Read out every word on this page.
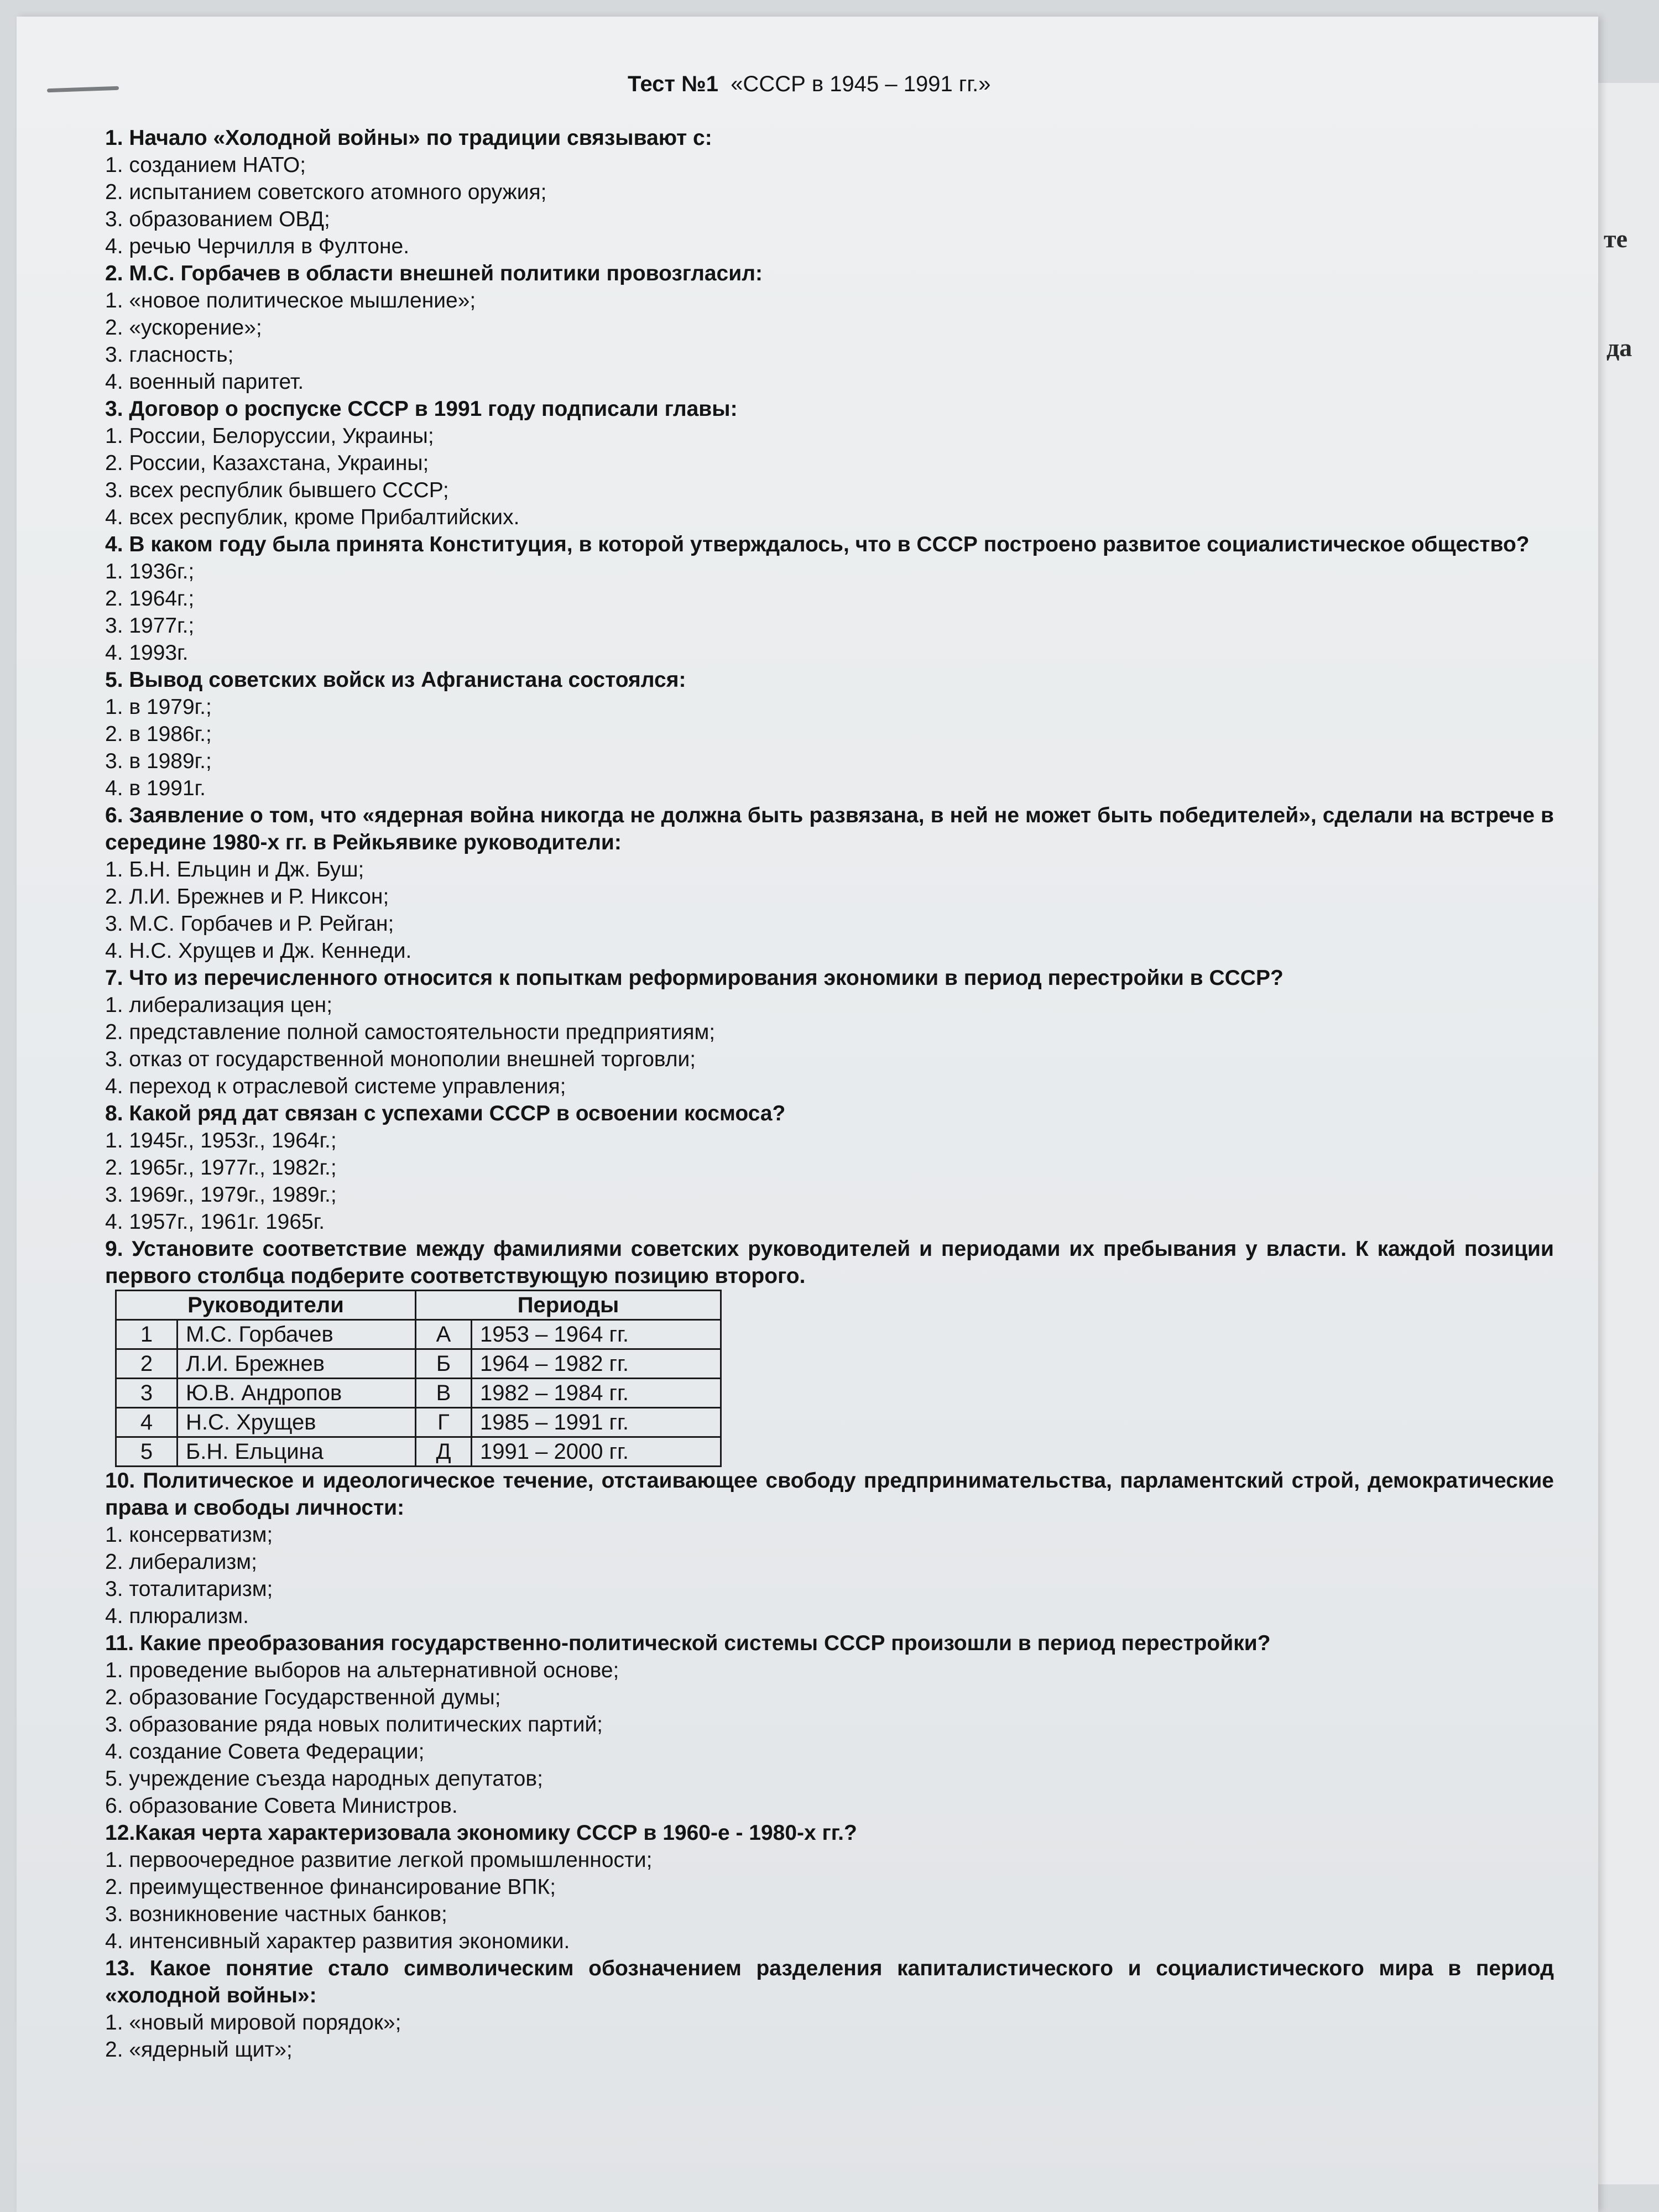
те
да
Тест №1 «СССР в 1945 – 1991 гг.»
1. Начало «Холодной войны» по традиции связывают с:
1. созданием НАТО;
2. испытанием советского атомного оружия;
3. образованием ОВД;
4. речью Черчилля в Фултоне.
2. М.С. Горбачев в области внешней политики провозгласил:
1. «новое политическое мышление»;
2. «ускорение»;
3. гласность;
4. военный паритет.
3. Договор о роспуске СССР в 1991 году подписали главы:
1. России, Белоруссии, Украины;
2. России, Казахстана, Украины;
3. всех республик бывшего СССР;
4. всех республик, кроме Прибалтийских.
4. В каком году была принята Конституция, в которой утверждалось, что в СССР построено развитое социалистическое общество?
1. 1936г.;
2. 1964г.;
3. 1977г.;
4. 1993г.
5. Вывод советских войск из Афганистана состоялся:
1. в 1979г.;
2. в 1986г.;
3. в 1989г.;
4. в 1991г.
6. Заявление о том, что «ядерная война никогда не должна быть развязана, в ней не может быть победителей», сделали на встрече в середине 1980-х гг. в Рейкьявике руководители:
1. Б.Н. Ельцин и Дж. Буш;
2. Л.И. Брежнев и Р. Никсон;
3. М.С. Горбачев и Р. Рейган;
4. Н.С. Хрущев и Дж. Кеннеди.
7. Что из перечисленного относится к попыткам реформирования экономики в период перестройки в СССР?
1. либерализация цен;
2. представление полной самостоятельности предприятиям;
3. отказ от государственной монополии внешней торговли;
4. переход к отраслевой системе управления;
8. Какой ряд дат связан с успехами СССР в освоении космоса?
1. 1945г., 1953г., 1964г.;
2. 1965г., 1977г., 1982г.;
3. 1969г., 1979г., 1989г.;
4. 1957г., 1961г. 1965г.
9. Установите соответствие между фамилиями советских руководителей и периодами их пребывания у власти. К каждой позиции первого столбца подберите соответствующую позицию второго.
Руководители		Периоды	
1	М.С. Горбачев	А	1953 – 1964 гг.
2	Л.И. Брежнев	Б	1964 – 1982 гг.
3	Ю.В. Андропов	В	1982 – 1984 гг.
4	Н.С. Хрущев	Г	1985 – 1991 гг.
5	Б.Н. Ельцина	Д	1991 – 2000 гг.
10. Политическое и идеологическое течение, отстаивающее свободу предпринимательства, парламентский строй, демократические права и свободы личности:
1. консерватизм;
2. либерализм;
3. тоталитаризм;
4. плюрализм.
11. Какие преобразования государственно-политической системы СССР произошли в период перестройки?
1. проведение выборов на альтернативной основе;
2. образование Государственной думы;
3. образование ряда новых политических партий;
4. создание Совета Федерации;
5. учреждение съезда народных депутатов;
6. образование Совета Министров.
12.Какая черта характеризовала экономику СССР в 1960-е - 1980-х гг.?
1. первоочередное развитие легкой промышленности;
2. преимущественное финансирование ВПК;
3. возникновение частных банков;
4. интенсивный характер развития экономики.
13. Какое понятие стало символическим обозначением разделения капиталистического и социалистического мира в период «холодной войны»:
1. «новый мировой порядок»;
2. «ядерный щит»;
